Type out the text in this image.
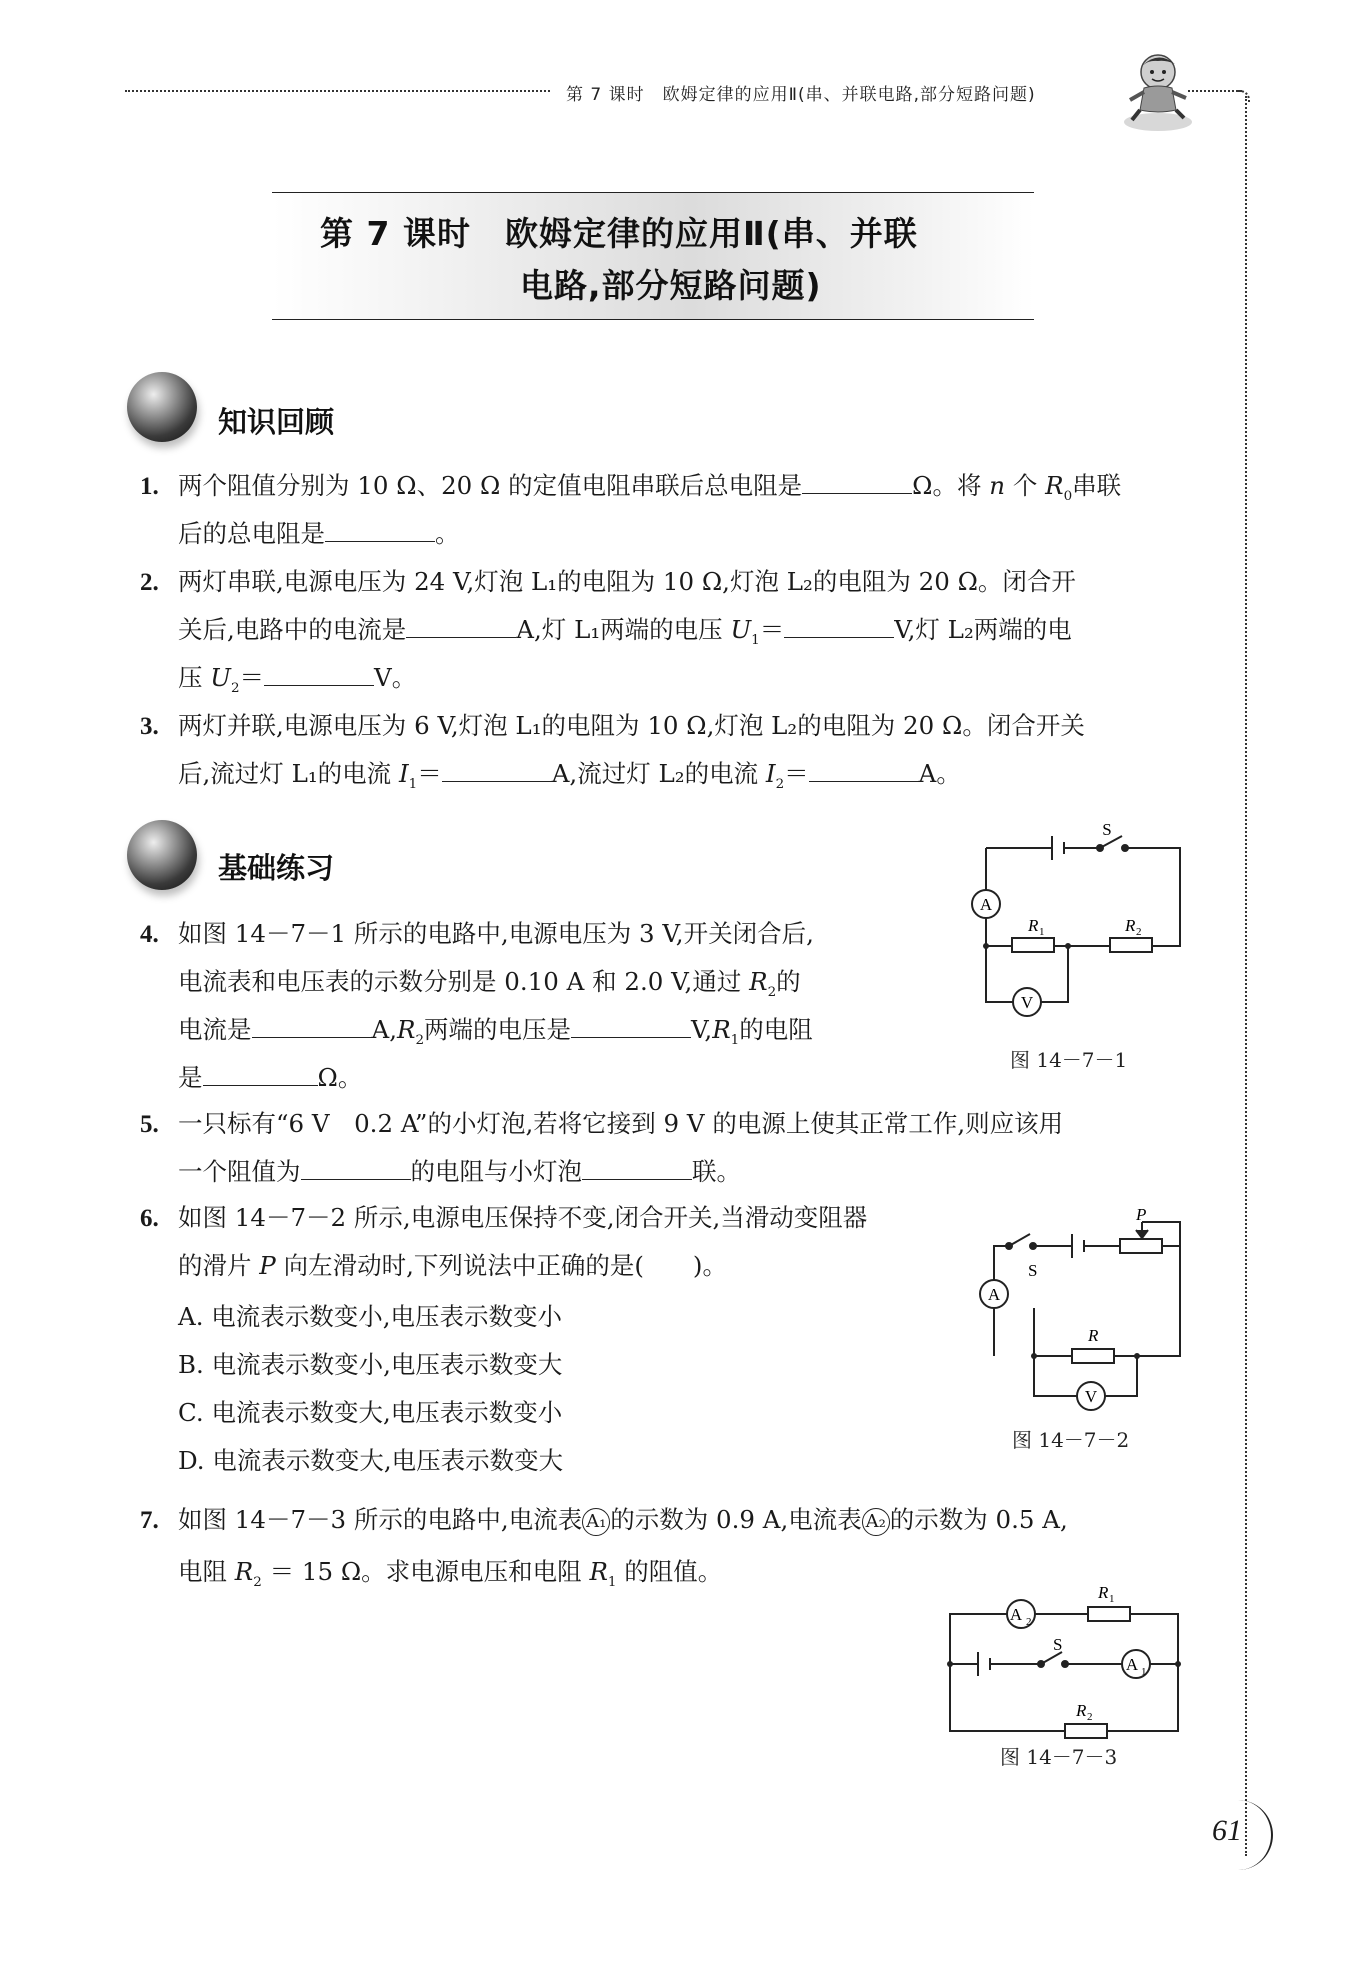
第 7 课时　欧姆定律的应用Ⅱ(串、并联电路,部分短路问题)
第 7 课时　欧姆定律的应用Ⅱ(串、并联
电路,部分短路问题)
知识回顾
1. 两个阻值分别为 10 Ω、20 Ω 的定值电阻串联后总电阻是	Ω。将 n 个 $R_0$串联
后的总电阻是	。
2. 两灯串联,电源电压为 24 V,灯泡 L₁的电阻为 10 Ω,灯泡 L₂的电阻为 20 Ω。闭合开
关后,电路中的电流是	A,灯 L₁两端的电压 $U_1=$	V,灯 L₂两端的电
压 $U_2=$	V。
3. 两灯并联,电源电压为 6 V,灯泡 L₁的电阻为 10 Ω,灯泡 L₂的电阻为 20 Ω。闭合开关
后,流过灯 L₁的电流 $I_1=$	A,流过灯 L₂的电流 $I_2=$	A。
基础练习
S
A
V
R 1	R 2
图 14－7－1
4. 如图 14－7－1 所示的电路中,电源电压为 3 V,开关闭合后,
电流表和电压表的示数分别是 0.10 A 和 2.0 V,通过 $R_2$的
电流是	$A,R_2$两端的电压是	$V,R_1$的电阻
是	Ω。
5. 一只标有“6 V　0.2 A”的小灯泡,若将它接到 9 V 的电源上使其正常工作,则应该用
一个阻值为	的电阻与小灯泡	联。
P
S
A
R
V
图 14－7－2
6. 如图 14－7－2 所示,电源电压保持不变,闭合开关,当滑动变阻器
的滑片 P 向左滑动时,下列说法中正确的是(　　)。
A. 电流表示数变小,电压表示数变小
B. 电流表示数变小,电压表示数变大
C. 电流表示数变大,电压表示数变小
D. 电流表示数变大,电压表示数变大
7. 如图 14－7－3 所示的电路中,电流表 A₁ 的示数为 0.9 A,电流表 A₂ 的示数为 0.5 A,
电阻 $R_2 = 15$ Ω。求电源电压和电阻 $R_1$ 的阻值。
A 2
R 1
S
A 1
R 2
图 14－7－3
61
